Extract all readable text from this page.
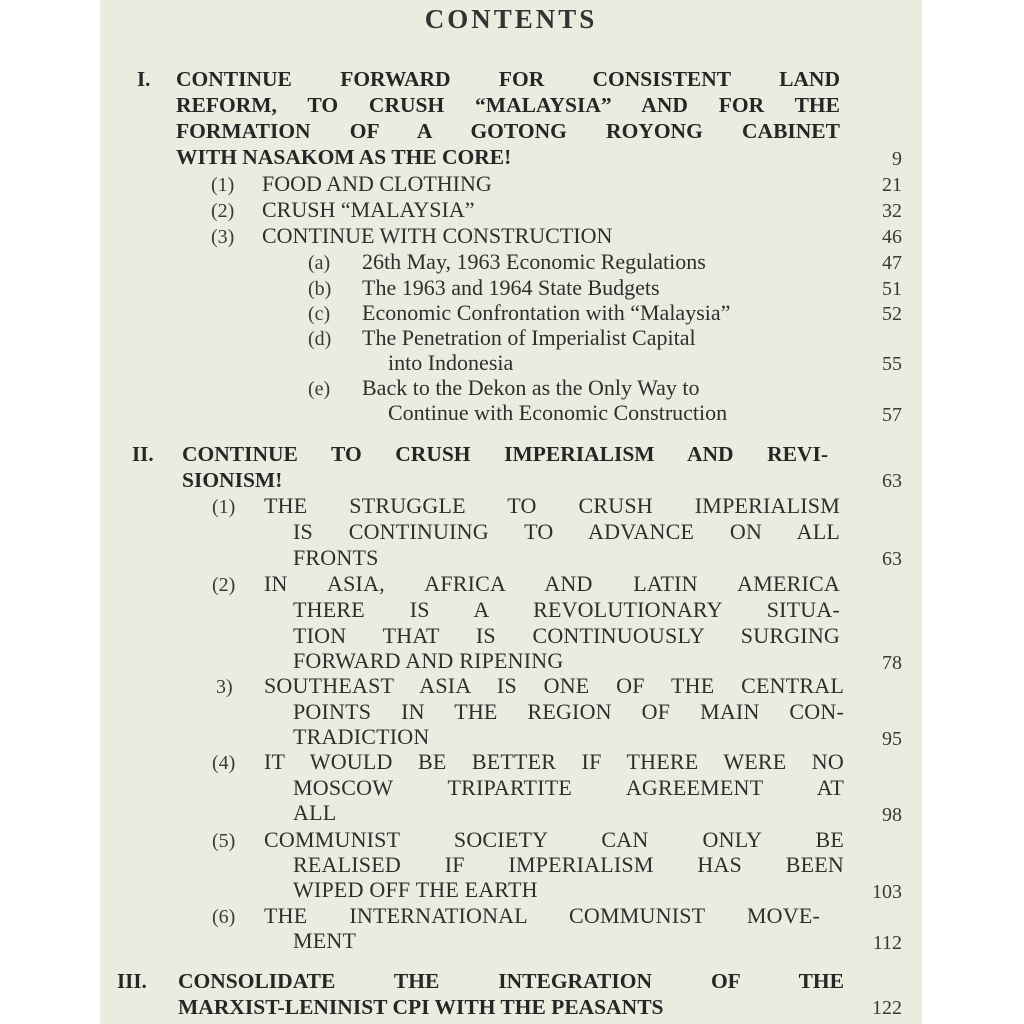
CONTENTS
I. CONTINUE FORWARD FOR CONSISTENT LAND
REFORM, TO CRUSH “MALAYSIA” AND FOR THE
FORMATION OF A GOTONG ROYONG CABINET
WITH NASAKOM AS THE CORE!	9
(1) FOOD AND CLOTHING	21
(2) CRUSH “MALAYSIA”	32
(3) CONTINUE WITH CONSTRUCTION	46
(a) 26th May, 1963 Economic Regulations	47
(b) The 1963 and 1964 State Budgets	51
(c) Economic Confrontation with “Malaysia”	52
(d) The Penetration of Imperialist Capital
into Indonesia	55
(e) Back to the Dekon as the Only Way to
Continue with Economic Construction	57
II. CONTINUE TO CRUSH IMPERIALISM AND REVI-
SIONISM!	63
(1) THE STRUGGLE TO CRUSH IMPERIALISM
IS CONTINUING TO ADVANCE ON ALL
FRONTS	63
(2) IN ASIA, AFRICA AND LATIN AMERICA
THERE IS A REVOLUTIONARY SITUA-
TION THAT IS CONTINUOUSLY SURGING
FORWARD AND RIPENING	78
3) SOUTHEAST ASIA IS ONE OF THE CENTRAL
POINTS IN THE REGION OF MAIN CON-
TRADICTION	95
(4) IT WOULD BE BETTER IF THERE WERE NO
MOSCOW TRIPARTITE AGREEMENT AT
ALL	98
(5) COMMUNIST SOCIETY CAN ONLY BE
REALISED IF IMPERIALISM HAS BEEN
WIPED OFF THE EARTH	103
(6) THE INTERNATIONAL COMMUNIST MOVE-
MENT	112
III. CONSOLIDATE THE INTEGRATION OF THE
MARXIST-LENINIST CPI WITH THE PEASANTS	122
